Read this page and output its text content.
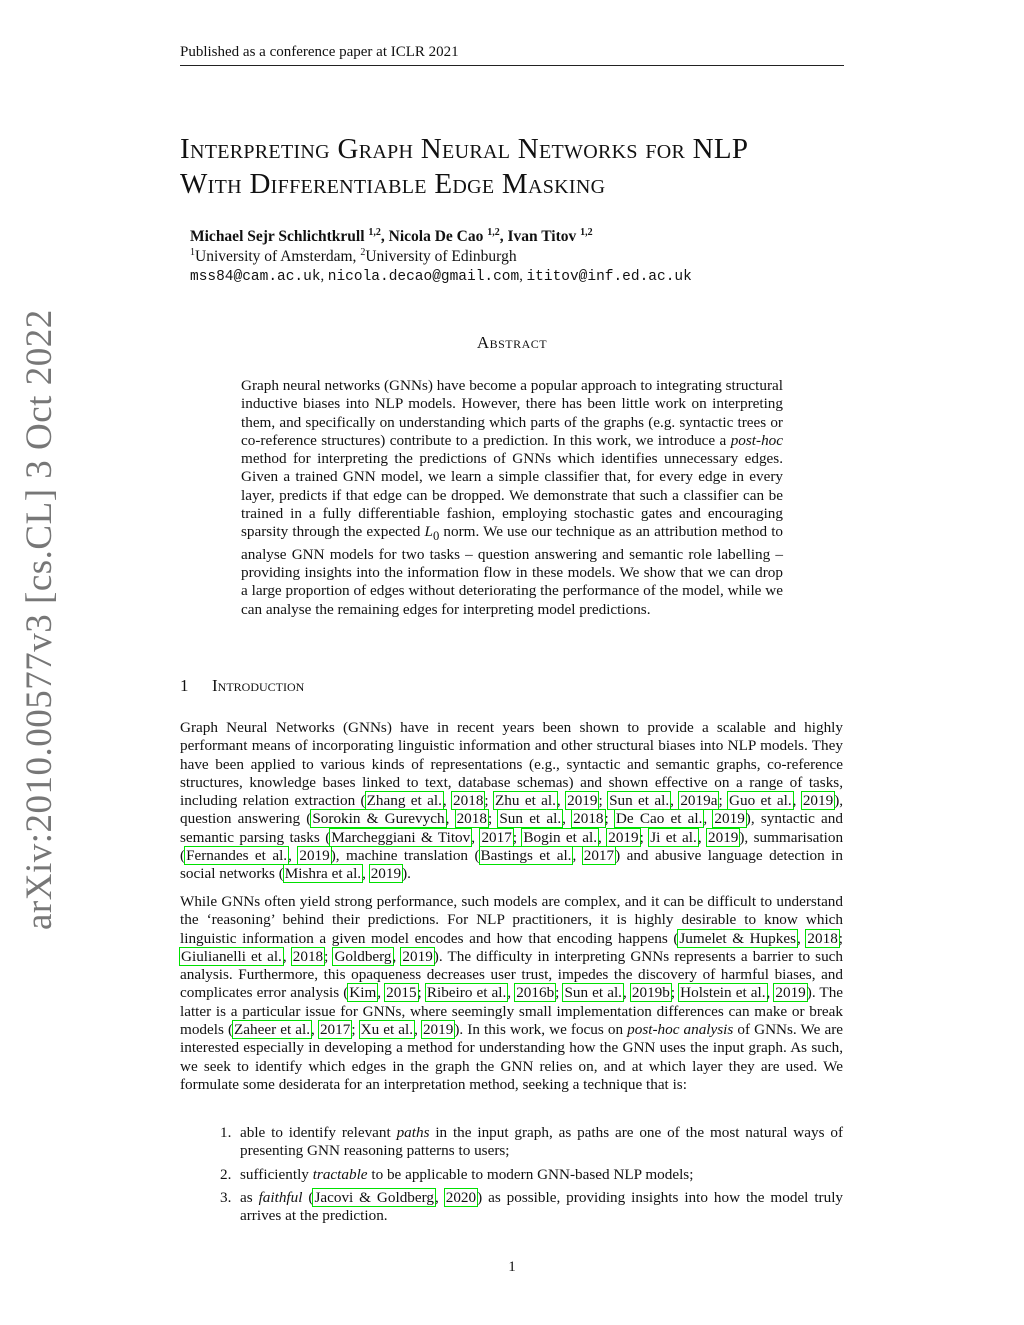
Published as a conference paper at ICLR 2021
Interpreting Graph Neural Networks for NLP
With Differentiable Edge Masking
Michael Sejr Schlichtkrull $^{1,2}$, Nicola De Cao $^{1,2}$, Ivan Titov $^{1,2}$
$^1$University of Amsterdam, $^2$University of Edinburgh
mss84@cam.ac.uk, nicola.decao@gmail.com, ititov@inf.ed.ac.uk
Abstract
Graph neural networks (GNNs) have become a popular approach to integrating structural inductive biases into NLP models. However, there has been little work on interpreting them, and specifically on understanding which parts of the graphs (e.g. syntactic trees or co-reference structures) contribute to a prediction. In this work, we introduce a post-hoc method for interpreting the predictions of GNNs which identifies unnecessary edges. Given a trained GNN model, we learn a simple classifier that, for every edge in every layer, predicts if that edge can be dropped. We demonstrate that such a classifier can be trained in a fully differentiable fashion, employing stochastic gates and encouraging sparsity through the expected $L_0$ norm. We use our technique as an attribution method to analyse GNN models for two tasks – question answering and semantic role labelling – providing insights into the information flow in these models. We show that we can drop a large proportion of edges without deteriorating the performance of the model, while we can analyse the remaining edges for interpreting model predictions.
1 Introduction
Graph Neural Networks (GNNs) have in recent years been shown to provide a scalable and highly performant means of incorporating linguistic information and other structural biases into NLP models. They have been applied to various kinds of representations (e.g., syntactic and semantic graphs, co-reference structures, knowledge bases linked to text, database schemas) and shown effective on a range of tasks, including relation extraction (Zhang et al., 2018; Zhu et al., 2019; Sun et al., 2019a; Guo et al., 2019), question answering (Sorokin & Gurevych, 2018; Sun et al., 2018; De Cao et al., 2019), syntactic and semantic parsing tasks (Marcheggiani & Titov, 2017; Bogin et al., 2019; Ji et al., 2019), summarisation (Fernandes et al., 2019), machine translation (Bastings et al., 2017) and abusive language detection in social networks (Mishra et al., 2019).
While GNNs often yield strong performance, such models are complex, and it can be difficult to understand the ‘reasoning’ behind their predictions. For NLP practitioners, it is highly desirable to know which linguistic information a given model encodes and how that encoding happens (Jumelet & Hupkes, 2018; Giulianelli et al., 2018; Goldberg, 2019). The difficulty in interpreting GNNs represents a barrier to such analysis. Furthermore, this opaqueness decreases user trust, impedes the discovery of harmful biases, and complicates error analysis (Kim, 2015; Ribeiro et al., 2016b; Sun et al., 2019b; Holstein et al., 2019). The latter is a particular issue for GNNs, where seemingly small implementation differences can make or break models (Zaheer et al., 2017; Xu et al., 2019). In this work, we focus on post-hoc analysis of GNNs. We are interested especially in developing a method for understanding how the GNN uses the input graph. As such, we seek to identify which edges in the graph the GNN relies on, and at which layer they are used. We formulate some desiderata for an interpretation method, seeking a technique that is:
1. able to identify relevant paths in the input graph, as paths are one of the most natural ways of presenting GNN reasoning patterns to users;
2. sufficiently tractable to be applicable to modern GNN-based NLP models;
3. as faithful (Jacovi & Goldberg, 2020) as possible, providing insights into how the model truly arrives at the prediction.
1
arXiv:2010.00577v3 [cs.CL] 3 Oct 2022
